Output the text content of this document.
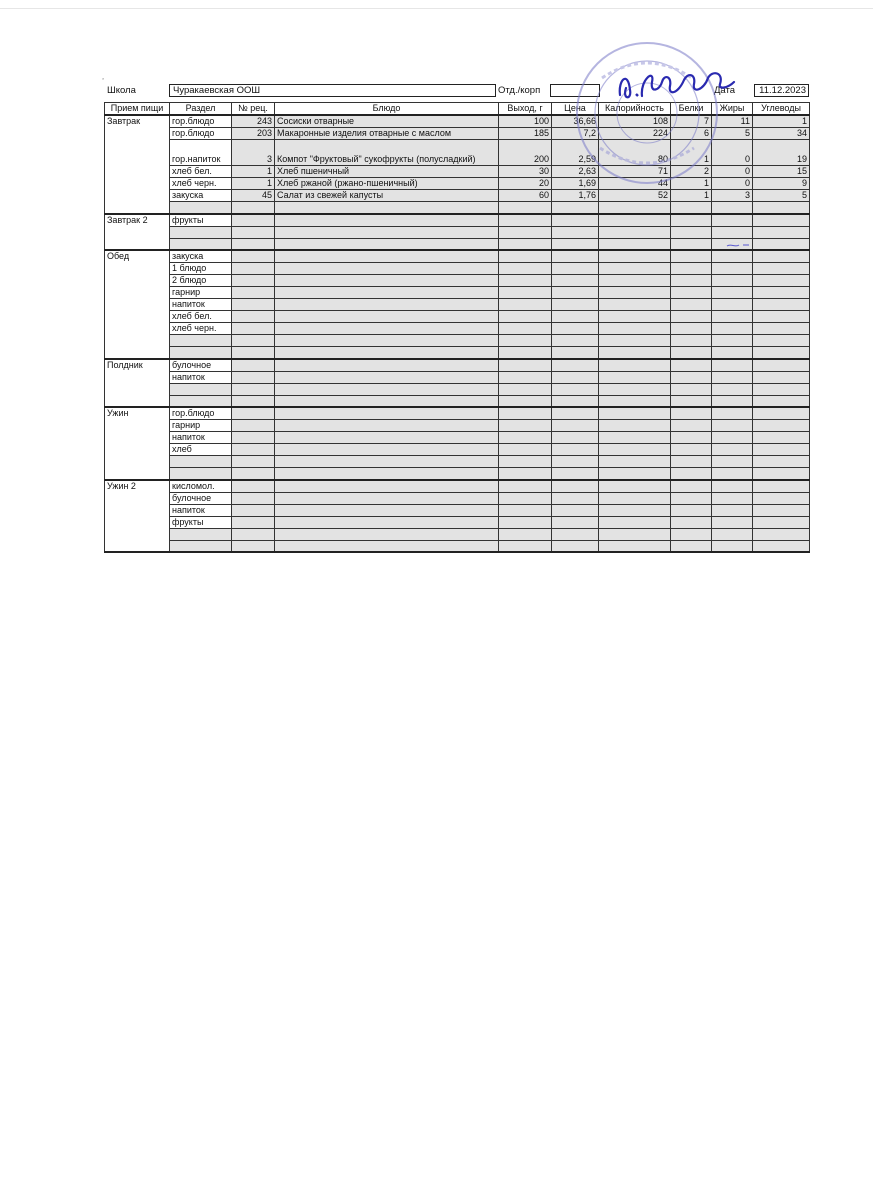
¸
Школа	Чуракаевская ООШ	Отд./корп	Дата	11.12.2023
Прием пищи	Раздел	№ рец.	Блюдо	Выход, г	Цена	Калорийность	Белки	Жиры	Углеводы
Завтрак	гор.блюдо	243	Сосиски отварные	100	36,66	108	7	11	1
	гор.блюдо	203	Макаронные изделия отварные с маслом	185	7,2	224	6	5	34
	гор.напиток	3	Компот "Фруктовый" сукофрукты (полусладкий)	200	2,59	80	1	0	19
	хлеб бел.	1	Хлеб пшеничный	30	2,63	71	2	0	15
	хлеб черн.	1	Хлеб ржаной (ржано-пшеничный)	20	1,69	44	1	0	9
	закуска	45	Салат из свежей капусты	60	1,76	52	1	3	5

Завтрак 2	фрукты								

Обед	закуска								
	1 блюдо								
	2 блюдо								
	гарнир								
	напиток								
	хлеб бел.								
	хлеб черн.								

Полдник	булочное								
	напиток								

Ужин	гор.блюдо								
	гарнир								
	напиток								
	хлеб								

Ужин 2	кисломол.								
	булочное								
	напиток								
	фрукты								
